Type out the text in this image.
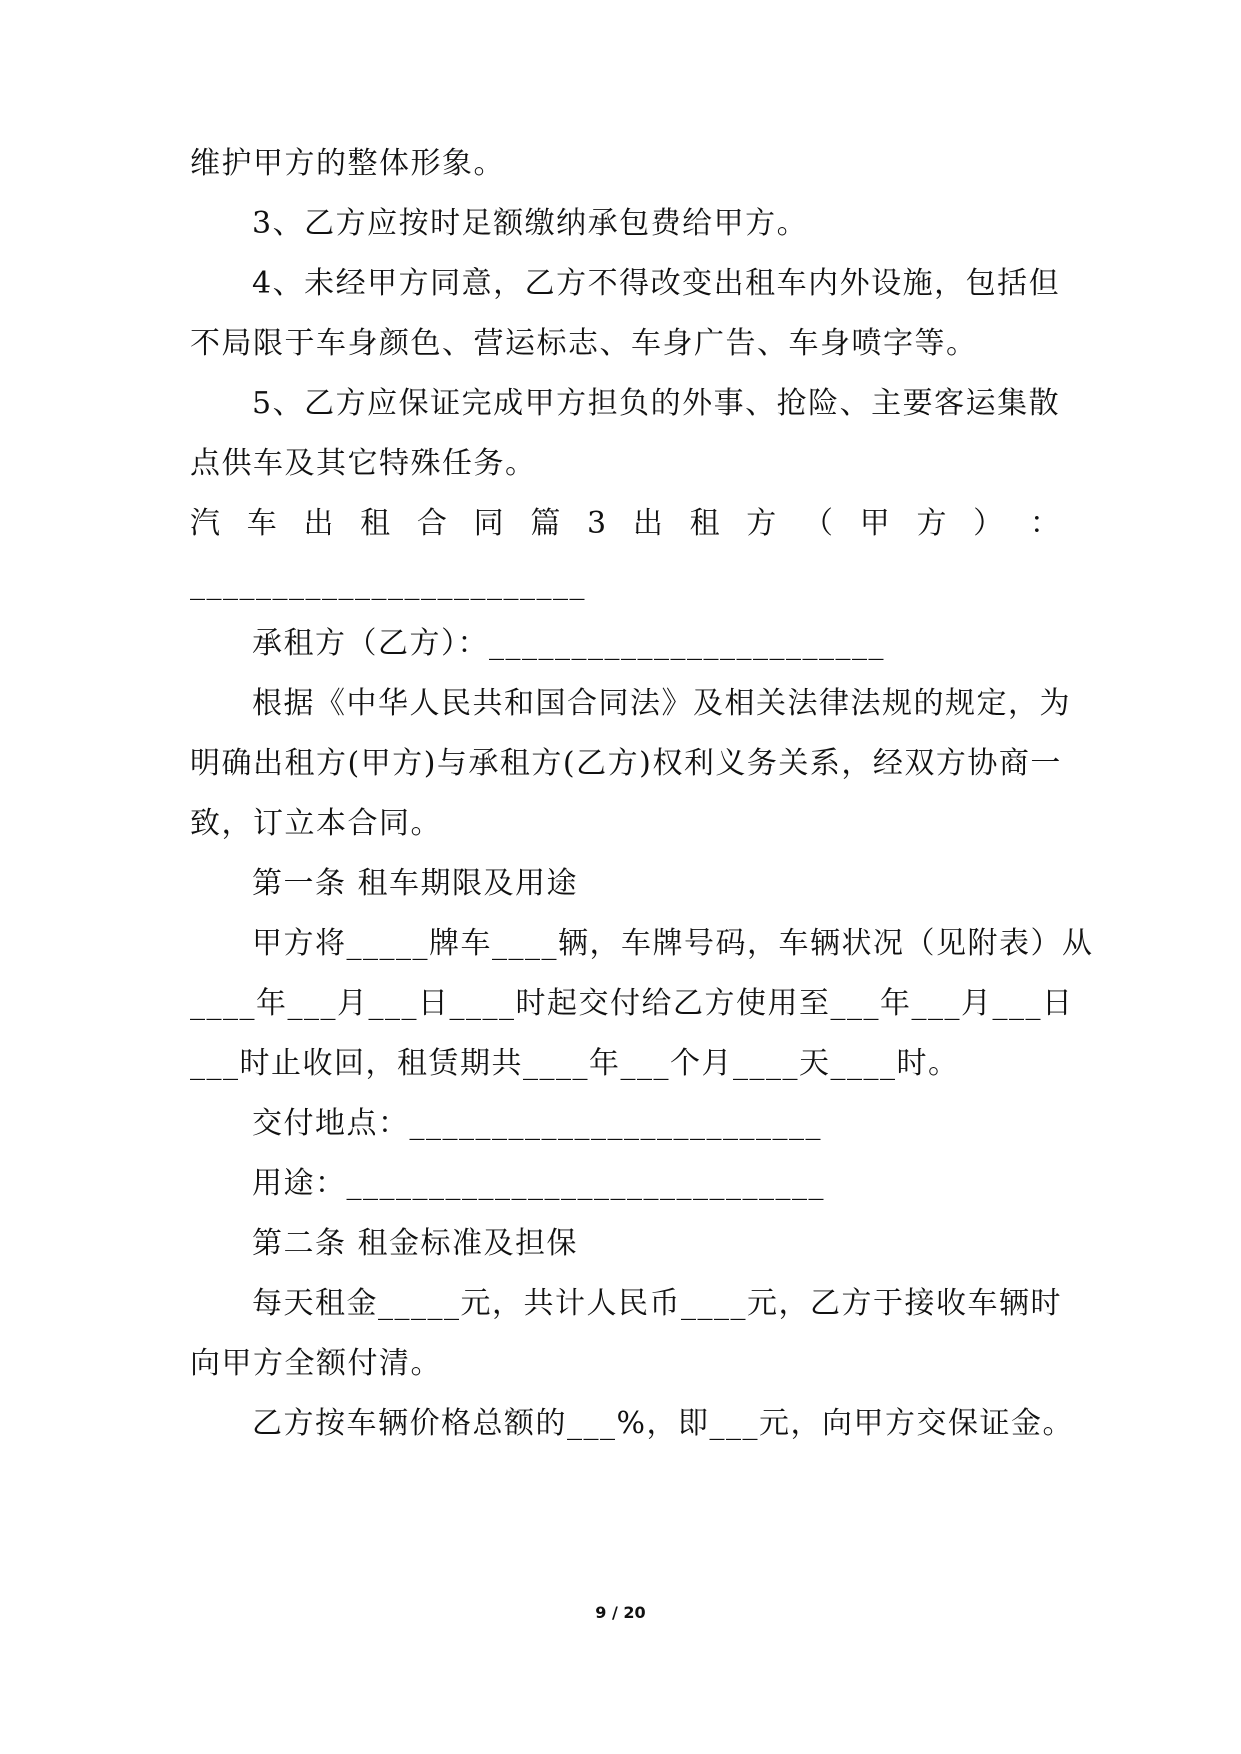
维护甲方的整体形象。
3、乙方应按时足额缴纳承包费给甲方。
4、未经甲方同意，乙方不得改变出租车内外设施，包括但
不局限于车身颜色、营运标志、车身广告、车身喷字等。
5、乙方应保证完成甲方担负的外事、抢险、主要客运集散
点供车及其它特殊任务。
汽 车 出 租 合 同 篇 3 出 租 方 （ 甲 方 ） ：
________________________
承租方（乙方）：________________________
根据《中华人民共和国合同法》及相关法律法规的规定，为
明确出租方(甲方)与承租方(乙方)权利义务关系，经双方协商一
致，订立本合同。
第一条 租车期限及用途
甲方将_____牌车____辆，车牌号码，车辆状况（见附表）从
____年___月___日____时起交付给乙方使用至___年___月___日
___时止收回，租赁期共____年___个月____天____时。
交付地点：_________________________
用途：_____________________________
第二条 租金标准及担保
每天租金_____元，共计人民币____元，乙方于接收车辆时
向甲方全额付清。
乙方按车辆价格总额的___%，即___元，向甲方交保证金。
9 / 20
